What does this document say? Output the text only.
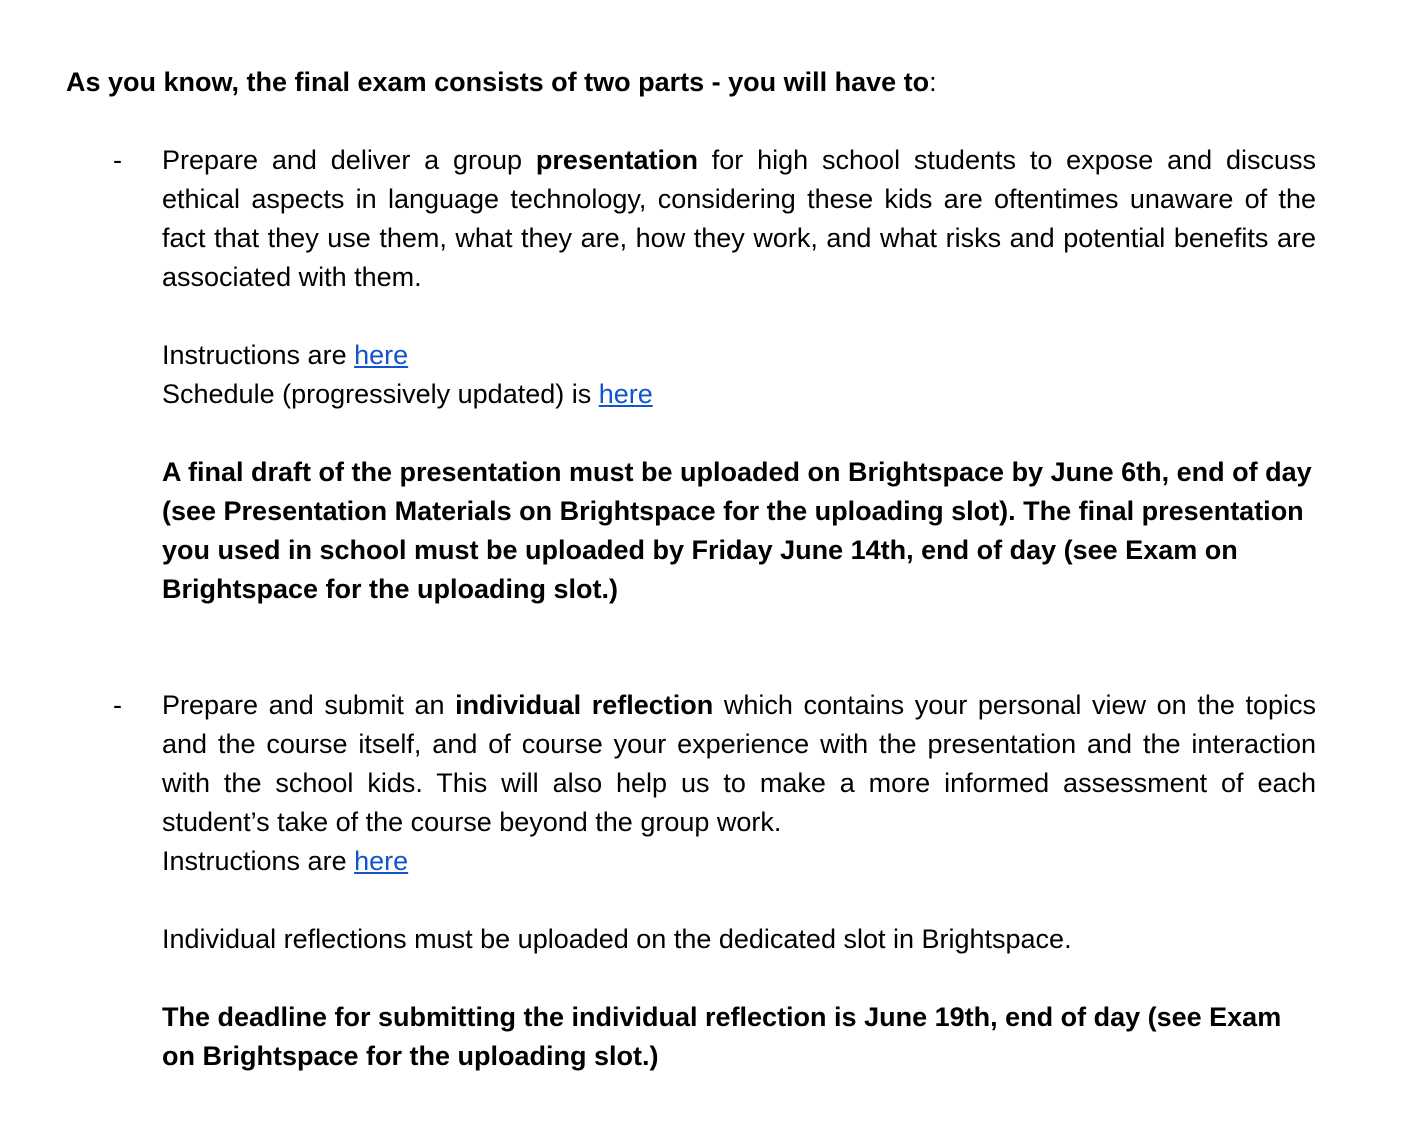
As you know, the final exam consists of two parts - you will have to:

- Prepare and deliver a group presentation for high school students to expose and discuss ethical aspects in language technology, considering these kids are oftentimes unaware of the fact that they use them, what they are, how they work, and what risks and potential benefits are associated with them.

Instructions are here

Schedule (progressively updated) is here

A final draft of the presentation must be uploaded on Brightspace by June 6th, end of day (see Presentation Materials on Brightspace for the uploading slot). The final presentation you used in school must be uploaded by Friday June 14th, end of day (see Exam on Brightspace for the uploading slot.)

- Prepare and submit an individual reflection which contains your personal view on the topics and the course itself, and of course your experience with the presentation and the interaction with the school kids. This will also help us to make a more informed assessment of each student’s take of the course beyond the group work.

Instructions are here

Individual reflections must be uploaded on the dedicated slot in Brightspace.

The deadline for submitting the individual reflection is June 19th, end of day (see Exam on Brightspace for the uploading slot.)
